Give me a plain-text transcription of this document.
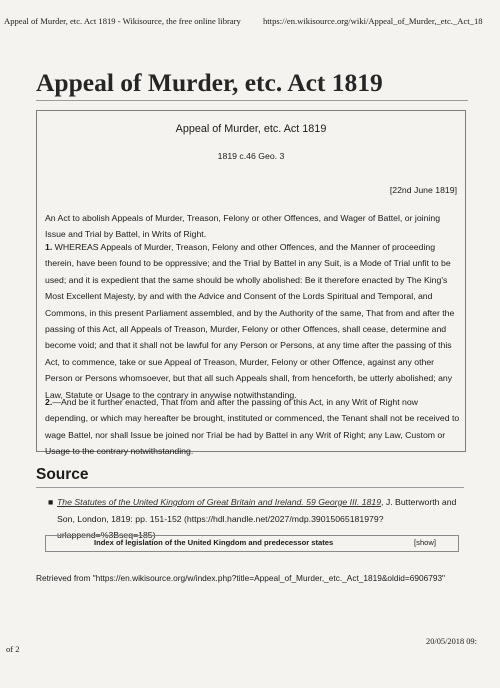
Appeal of Murder, etc. Act 1819 - Wikisource, the free online library	https://en.wikisource.org/wiki/Appeal_of_Murder,_etc._Act_18
Appeal of Murder, etc. Act 1819
Appeal of Murder, etc. Act 1819
1819 c.46 Geo. 3
[22nd June 1819]
An Act to abolish Appeals of Murder, Treason, Felony or other Offences, and Wager of Battel, or joining Issue and Trial by Battel, in Writs of Right.
1. WHEREAS Appeals of Murder, Treason, Felony and other Offences, and the Manner of proceeding therein, have been found to be oppressive; and the Trial by Battel in any Suit, is a Mode of Trial unfit to be used; and it is expedient that the same should be wholly abolished: Be it therefore enacted by The King's Most Excellent Majesty, by and with the Advice and Consent of the Lords Spiritual and Temporal, and Commons, in this present Parliament assembled, and by the Authority of the same, That from and after the passing of this Act, all Appeals of Treason, Murder, Felony or other Offences, shall cease, determine and become void; and that it shall not be lawful for any Person or Persons, at any time after the passing of this Act, to commence, take or sue Appeal of Treason, Murder, Felony or other Offence, against any other Person or Persons whomsoever, but that all such Appeals shall, from henceforth, be utterly abolished; any Law, Statute or Usage to the contrary in anywise notwithstanding.
2.—And be it further enacted, That from and after the passing of this Act, in any Writ of Right now depending, or which may hereafter be brought, instituted or commenced, the Tenant shall not be received to wage Battel, nor shall Issue be joined nor Trial be had by Battel in any Writ of Right; any Law, Custom or Usage to the contrary notwithstanding.
Source
■ The Statutes of the United Kingdom of Great Britain and Ireland. 59 George III. 1819, J. Butterworth and Son, London, 1819: pp. 151-152 (https://hdl.handle.net/2027/mdp.39015065181979?urlappend=%3Bseq=185)
Index of legislation of the United Kingdom and predecessor states	[show]
Retrieved from "https://en.wikisource.org/w/index.php?title=Appeal_of_Murder,_etc._Act_1819&oldid=6906793"
of 2
20/05/2018 09:
